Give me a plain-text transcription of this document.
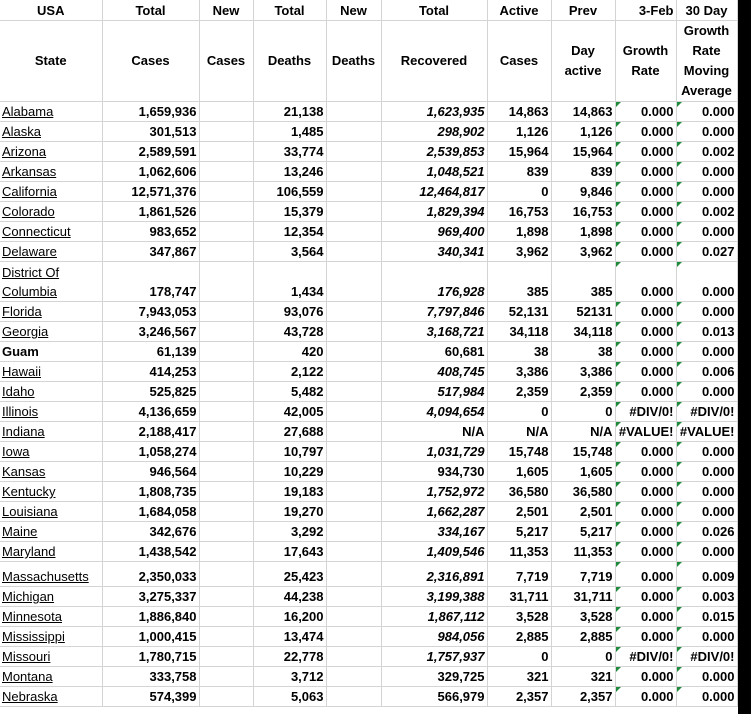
USA	Total	New	Total	New	Total	Active	Prev	3-Feb	30 Day
State	Cases	Cases	Deaths	Deaths	Recovered	Cases	Day active	Growth Rate	Growth Rate Moving Average
Alabama	1,659,936		21,138		1,623,935	14,863	14,863	0.000	0.000

Alaska	301,513		1,485		298,902	1,126	1,126	0.000	0.000

Arizona	2,589,591		33,774		2,539,853	15,964	15,964	0.000	0.002

Arkansas	1,062,606		13,246		1,048,521	839	839	0.000	0.000

California	12,571,376		106,559		12,464,817	0	9,846	0.000	0.000

Colorado	1,861,526		15,379		1,829,394	16,753	16,753	0.000	0.002

Connecticut	983,652		12,354		969,400	1,898	1,898	0.000	0.000

Delaware	347,867		3,564		340,341	3,962	3,962	0.000	0.027

District Of Columbia	178,747		1,434		176,928	385	385	0.000	0.000

Florida	7,943,053		93,076		7,797,846	52,131	52131	0.000	0.000

Georgia	3,246,567		43,728		3,168,721	34,118	34,118	0.000	0.013

Guam	61,139		420		60,681	38	38	0.000	0.000

Hawaii	414,253		2,122		408,745	3,386	3,386	0.000	0.006

Idaho	525,825		5,482		517,984	2,359	2,359	0.000	0.000

Illinois	4,136,659		42,005		4,094,654	0	0	#DIV/0!	#DIV/0!

Indiana	2,188,417		27,688		N/A	N/A	N/A	#VALUE!	#VALUE!

Iowa	1,058,274		10,797		1,031,729	15,748	15,748	0.000	0.000

Kansas	946,564		10,229		934,730	1,605	1,605	0.000	0.000

Kentucky	1,808,735		19,183		1,752,972	36,580	36,580	0.000	0.000

Louisiana	1,684,058		19,270		1,662,287	2,501	2,501	0.000	0.000

Maine	342,676		3,292		334,167	5,217	5,217	0.000	0.026

Maryland	1,438,542		17,643		1,409,546	11,353	11,353	0.000	0.000

Massachusetts	2,350,033		25,423		2,316,891	7,719	7,719	0.000	0.009

Michigan	3,275,337		44,238		3,199,388	31,711	31,711	0.000	0.003

Minnesota	1,886,840		16,200		1,867,112	3,528	3,528	0.000	0.015

Mississippi	1,000,415		13,474		984,056	2,885	2,885	0.000	0.000

Missouri	1,780,715		22,778		1,757,937	0	0	#DIV/0!	#DIV/0!

Montana	333,758		3,712		329,725	321	321	0.000	0.000

Nebraska	574,399		5,063		566,979	2,357	2,357	0.000	0.000
